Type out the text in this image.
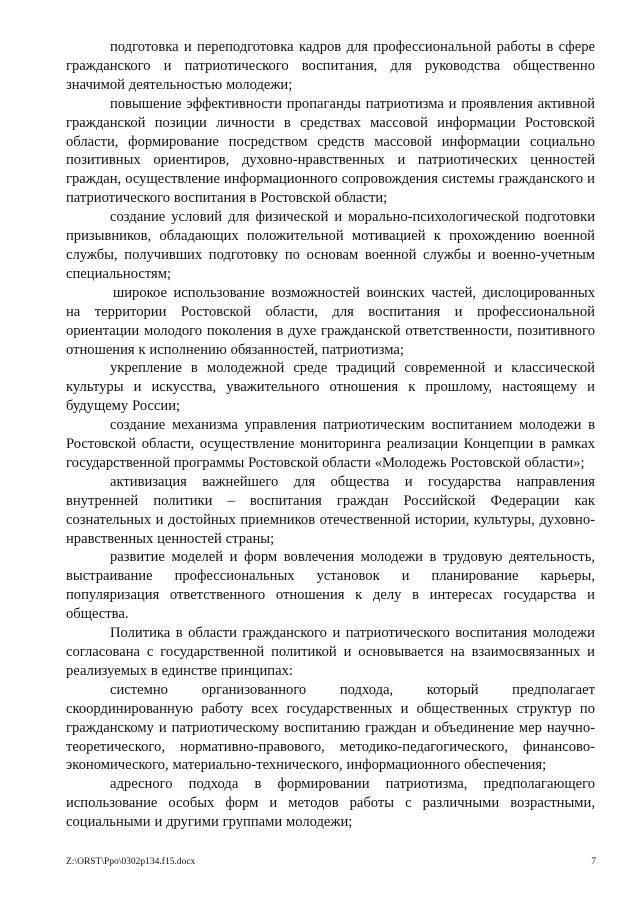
подготовка и переподготовка кадров для профессиональной работы в сфере гражданского и патриотического воспитания, для руководства общественно значимой деятельностью молодежи;

повышение эффективности пропаганды патриотизма и проявления активной гражданской позиции личности в средствах массовой информации Ростовской области, формирование посредством средств массовой информации социально позитивных ориентиров, духовно-нравственных и патриотических ценностей граждан, осуществление информационного сопровождения системы гражданского и патриотического воспитания в Ростовской области;

создание условий для физической и морально-психологической подготовки призывников, обладающих положительной мотивацией к прохождению военной службы, получивших подготовку по основам военной службы и военно-учетным специальностям;

широкое использование возможностей воинских частей, дислоцированных на территории Ростовской области, для воспитания и профессиональной ориентации молодого поколения в духе гражданской ответственности, позитивного отношения к исполнению обязанностей, патриотизма;

укрепление в молодежной среде традиций современной и классической культуры и искусства, уважительного отношения к прошлому, настоящему и будущему России;

создание механизма управления патриотическим воспитанием молодежи в Ростовской области, осуществление мониторинга реализации Концепции в рамках государственной программы Ростовской области «Молодежь Ростовской области»;

активизация важнейшего для общества и государства направления внутренней политики – воспитания граждан Российской Федерации как сознательных и достойных приемников отечественной истории, культуры, духовно-нравственных ценностей страны;

развитие моделей и форм вовлечения молодежи в трудовую деятельность, выстраивание профессиональных установок и планирование карьеры, популяризация ответственного отношения к делу в интересах государства и общества.

Политика в области гражданского и патриотического воспитания молодежи согласована с государственной политикой и основывается на взаимосвязанных и реализуемых в единстве принципах:

системно организованного подхода, который предполагает скоординированную работу всех государственных и общественных структур по гражданскому и патриотическому воспитанию граждан и объединение мер научно-теоретического, нормативно-правового, методико-педагогического, финансово-экономического, материально-технического, информационного обеспечения;

адресного подхода в формировании патриотизма, предполагающего использование особых форм и методов работы с различными возрастными, социальными и другими группами молодежи;

Z:\ORST\Ppo\0302p134.f15.docx	7
